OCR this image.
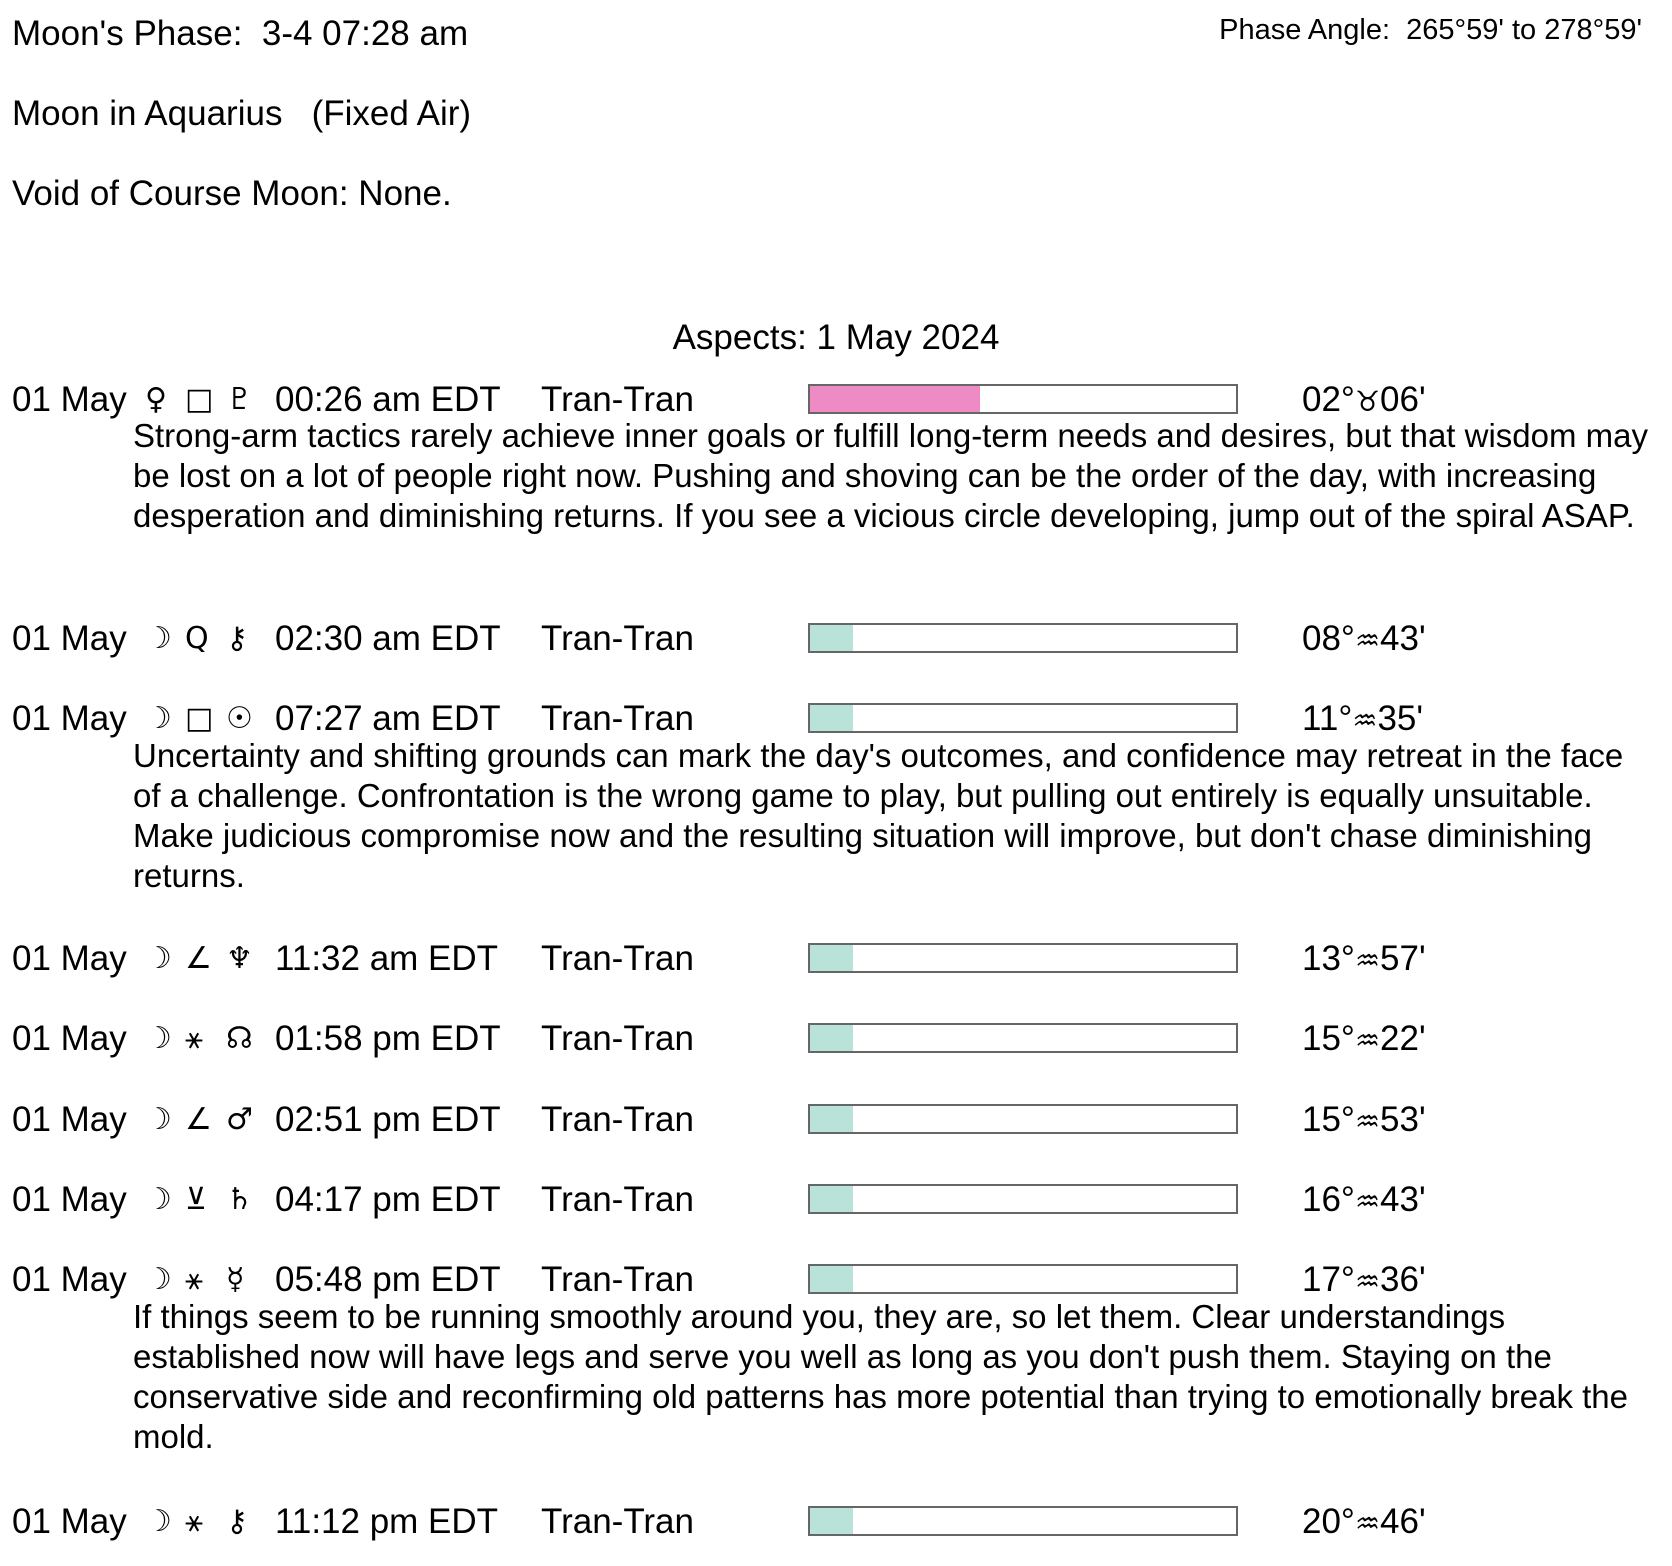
Moon's Phase:  3-4 07:28 am	Phase Angle:  265°59' to 278°59'
Moon in Aquarius   (Fixed Air)
Void of Course Moon: None.
Aspects: 1 May 2024
01 May ♀ □ ♇ 00:26 am EDT Tran-Tran	02°♉06'
Strong-arm tactics rarely achieve inner goals or fulfill long-term needs and desires, but that wisdom may be lost on a lot of people right now. Pushing and shoving can be the order of the day, with increasing desperation and diminishing returns. If you see a vicious circle developing, jump out of the spiral ASAP.
01 May ☽ Q ⚷ 02:30 am EDT Tran-Tran	08°♒43'
01 May ☽ □ ☉ 07:27 am EDT Tran-Tran	11°♒35'
Uncertainty and shifting grounds can mark the day's outcomes, and confidence may retreat in the face of a challenge. Confrontation is the wrong game to play, but pulling out entirely is equally unsuitable. Make judicious compromise now and the resulting situation will improve, but don't chase diminishing returns.
01 May ☽ ∠ ♆ 11:32 am EDT Tran-Tran	13°♒57'
01 May ☽ ⚹ ☊ 01:58 pm EDT Tran-Tran	15°♒22'
01 May ☽ ∠ ♂ 02:51 pm EDT Tran-Tran	15°♒53'
01 May ☽ ⊻ ♄ 04:17 pm EDT Tran-Tran	16°♒43'
01 May ☽ ⚹ ☿ 05:48 pm EDT Tran-Tran	17°♒36'
If things seem to be running smoothly around you, they are, so let them. Clear understandings established now will have legs and serve you well as long as you don't push them. Staying on the conservative side and reconfirming old patterns has more potential than trying to emotionally break the mold.
01 May ☽ ⚹ ⚷ 11:12 pm EDT Tran-Tran	20°♒46'
